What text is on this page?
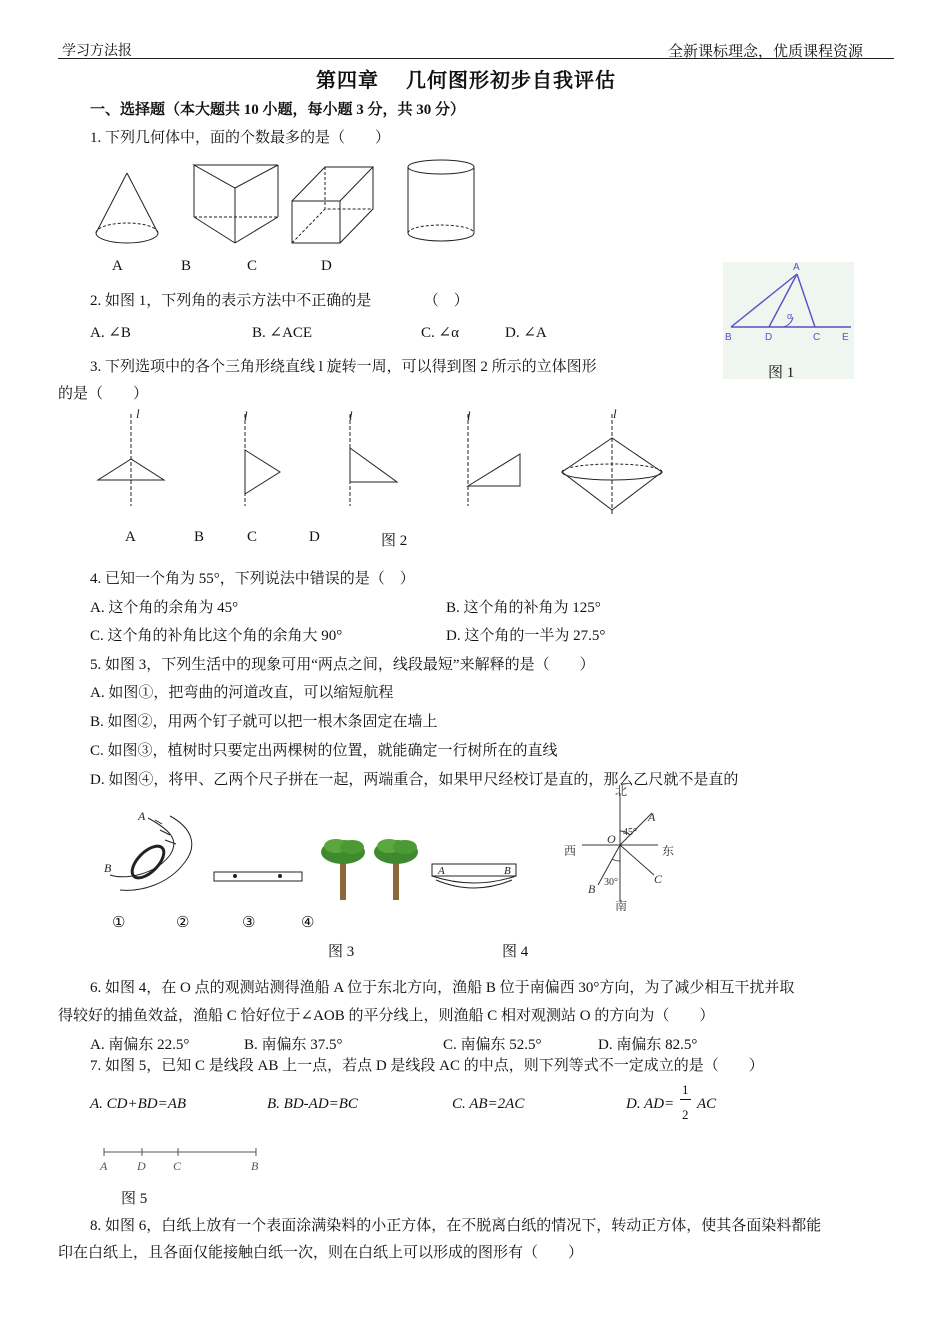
学习方法报	全新课标理念，优质课程资源
第四章　 几何图形初步自我评估
一、选择题（本大题共 10 小题，每小题 3 分，共 30 分）
1. 下列几何体中，面的个数最多的是（　　）
A	B	C	D
2. 如图 1，下列角的表示方法中不正确的是　　　　（　）
A. ∠B	B. ∠ACE	C. ∠α	D. ∠A
A
B	D	C E
α
图 1
3. 下列选项中的各个三角形绕直线 l 旋转一周，可以得到图 2 所示的立体图形
的是（　　）
l	l	l	l	l
A	B	C	D	图 2
4. 已知一个角为 55°，下列说法中错误的是（　）
A. 这个角的余角为 45°	B. 这个角的补角为 125°
C. 这个角的补角比这个角的余角大 90°	D. 这个角的一半为 27.5°
5. 如图 3，下列生活中的现象可用“两点之间，线段最短”来解释的是（　　）
A. 如图①，把弯曲的河道改直，可以缩短航程
B. 如图②，用两个钉子就可以把一根木条固定在墙上
C. 如图③，植树时只要定出两棵树的位置，就能确定一行树所在的直线
D. 如图④，将甲、乙两个尺子拼在一起，两端重合，如果甲尺经校订是直的，那么乙尺就不是直的
A
B	A	B
①	②	③	④
图 3	图 4
北
南
西	东
O
A
B
C
45°
30°
6. 如图 4，在 O 点的观测站测得渔船 A 位于东北方向，渔船 B 位于南偏西 30°方向，为了减少相互干扰并取
得较好的捕鱼效益，渔船 C 恰好位于∠AOB 的平分线上，则渔船 C 相对观测站 O 的方向为（　　）
A. 南偏东 22.5°	B. 南偏东 37.5°	C. 南偏东 52.5°	D. 南偏东 82.5°
7. 如图 5，已知 C 是线段 AB 上一点，若点 D 是线段 AC 的中点，则下列等式不一定成立的是（　　）
A. CD+BD=AB	B. BD-AD=BC	C. AB=2AC	D. AD=
1
2
AC
A D C	B
图 5
8. 如图 6，白纸上放有一个表面涂满染料的小正方体，在不脱离白纸的情况下，转动正方体，使其各面染料都能
印在白纸上，且各面仅能接触白纸一次，则在白纸上可以形成的图形有（　　）
